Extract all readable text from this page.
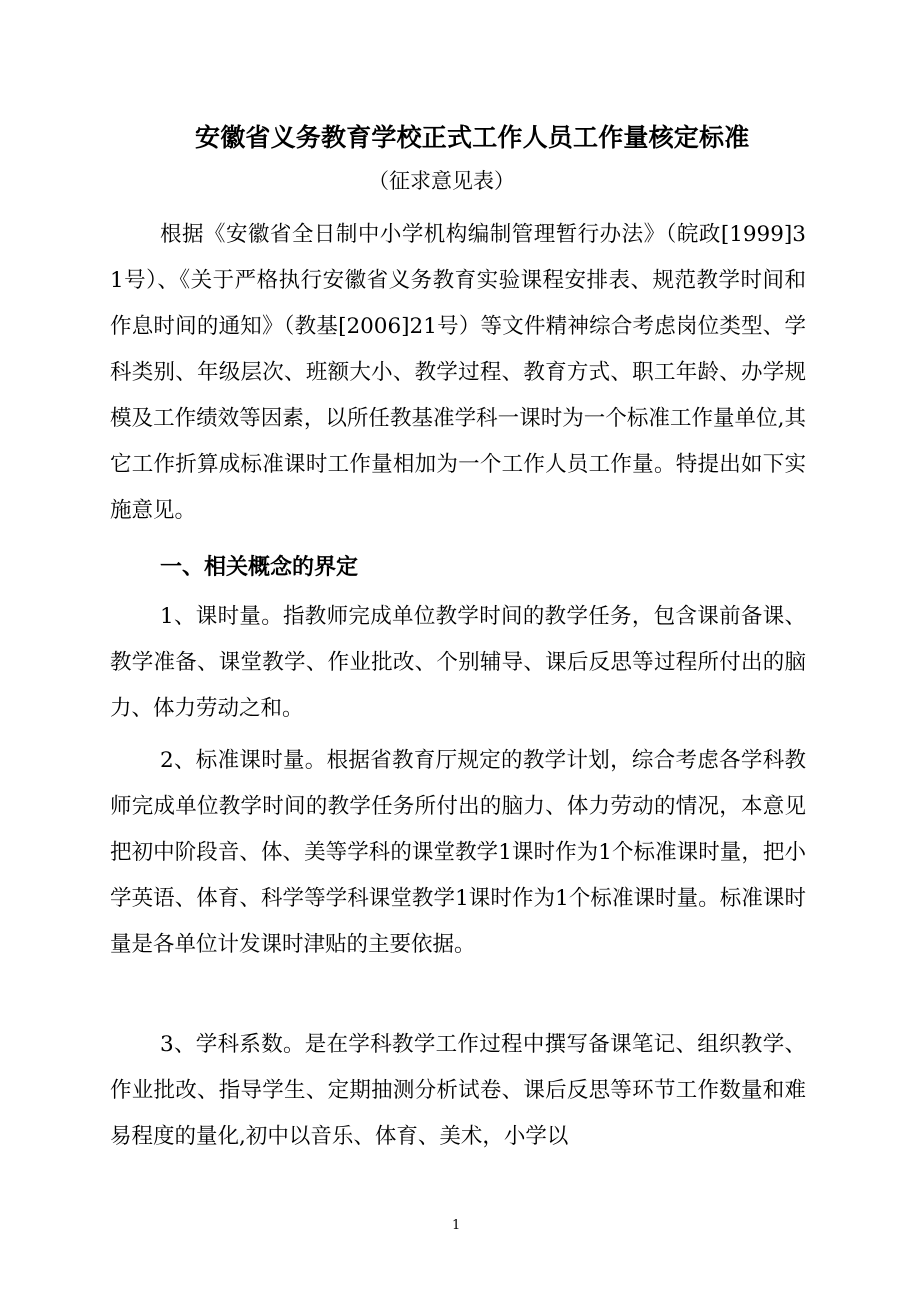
安徽省义务教育学校正式工作人员工作量核定标准
（征求意见表）
根据《安徽省全日制中小学机构编制管理暂行办法》（皖政[1999]31号）、《关于严格执行安徽省义务教育实验课程安排表、规范教学时间和作息时间的通知》（教基[2006]21号）等文件精神综合考虑岗位类型、学科类别、年级层次、班额大小、教学过程、教育方式、职工年龄、办学规模及工作绩效等因素，以所任教基准学科一课时为一个标准工作量单位,其它工作折算成标准课时工作量相加为一个工作人员工作量。特提出如下实施意见。
一、相关概念的界定
1、课时量。指教师完成单位教学时间的教学任务，包含课前备课、教学准备、课堂教学、作业批改、个别辅导、课后反思等过程所付出的脑力、体力劳动之和。
2、标准课时量。根据省教育厅规定的教学计划，综合考虑各学科教师完成单位教学时间的教学任务所付出的脑力、体力劳动的情况，本意见把初中阶段音、体、美等学科的课堂教学1课时作为1个标准课时量，把小学英语、体育、科学等学科课堂教学1课时作为1个标准课时量。标准课时量是各单位计发课时津贴的主要依据。
3、学科系数。是在学科教学工作过程中撰写备课笔记、组织教学、作业批改、指导学生、定期抽测分析试卷、课后反思等环节工作数量和难易程度的量化,初中以音乐、体育、美术，小学以
1
